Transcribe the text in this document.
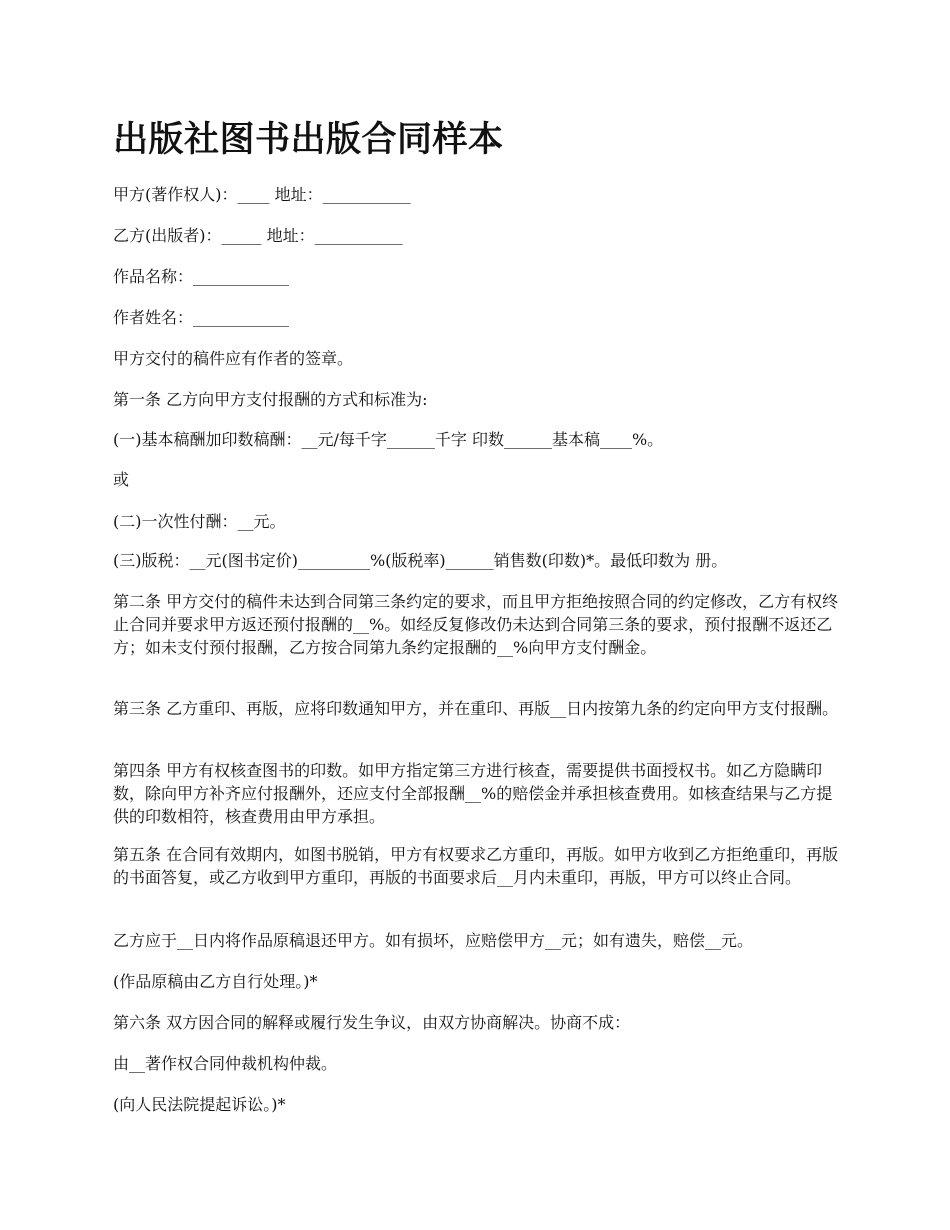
出版社图书出版合同样本

甲方(著作权人)：____ 地址：___________

乙方(出版者)：_____ 地址：___________

作品名称：____________

作者姓名：____________

甲方交付的稿件应有作者的签章。

第一条 乙方向甲方支付报酬的方式和标准为:

(一)基本稿酬加印数稿酬：__元/每千字______千字 印数______基本稿____%。

或

(二)一次性付酬：__元。

(三)版税：__元(图书定价)_________%(版税率)______销售数(印数)*。最低印数为 册。

第二条 甲方交付的稿件未达到合同第三条约定的要求，而且甲方拒绝按照合同的约定修改，乙方有权终止合同并要求甲方返还预付报酬的__%。如经反复修改仍未达到合同第三条的要求，预付报酬不返还乙方；如未支付预付报酬，乙方按合同第九条约定报酬的__%向甲方支付酬金。

第三条 乙方重印、再版，应将印数通知甲方，并在重印、再版__日内按第九条的约定向甲方支付报酬。

第四条 甲方有权核查图书的印数。如甲方指定第三方进行核查，需要提供书面授权书。如乙方隐瞒印数，除向甲方补齐应付报酬外，还应支付全部报酬__%的赔偿金并承担核查费用。如核查结果与乙方提供的印数相符，核查费用由甲方承担。

第五条 在合同有效期内，如图书脱销，甲方有权要求乙方重印，再版。如甲方收到乙方拒绝重印，再版的书面答复，或乙方收到甲方重印，再版的书面要求后__月内未重印，再版，甲方可以终止合同。

乙方应于__日内将作品原稿退还甲方。如有损坏，应赔偿甲方__元；如有遗失，赔偿__元。

(作品原稿由乙方自行处理。)*

第六条 双方因合同的解释或履行发生争议，由双方协商解决。协商不成：

由__著作权合同仲裁机构仲裁。

(向人民法院提起诉讼。)*
